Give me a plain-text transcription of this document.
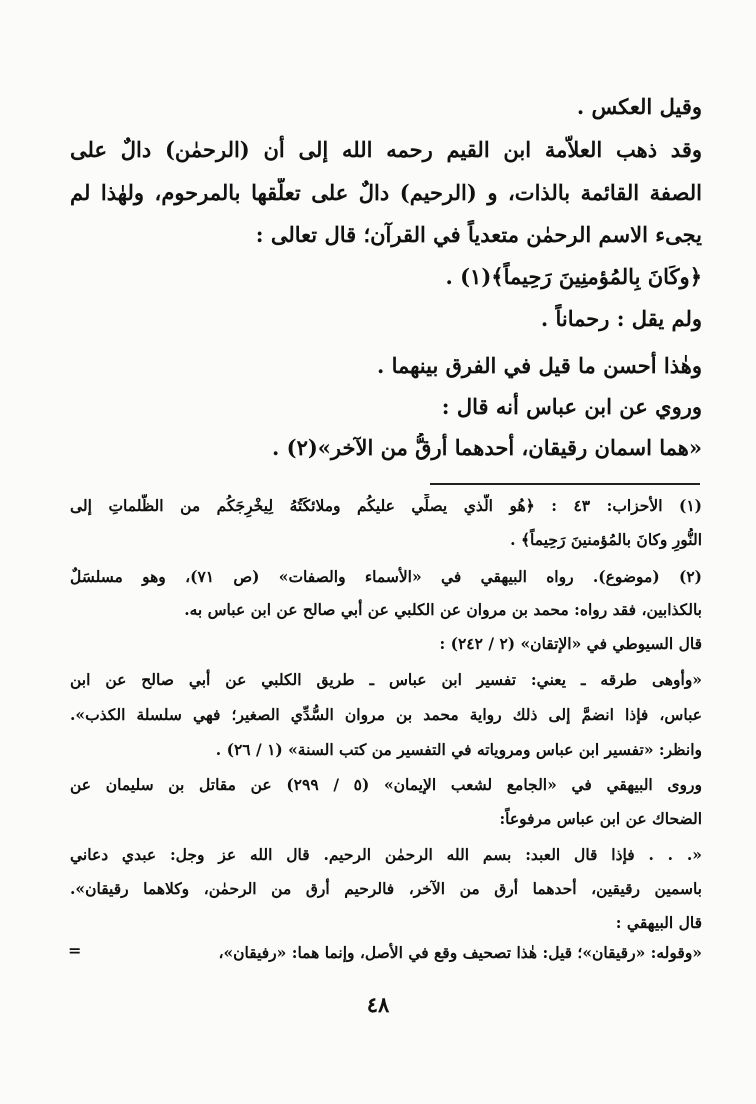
وقيل العكس .
وقد ذهب العلاّمة ابن القيم رحمه الله إلى أن (الرحمٰن) دالٌ على
الصفة القائمة بالذات، و (الرحيم) دالٌ على تعلّقها بالمرحوم، ولهٰذا لم
يجىء الاسم الرحمٰن متعدياً في القرآن؛ قال تعالى :
﴿وكَانَ بِالمُؤمنِينَ رَحِيماً﴾(١) .
ولم يقل : رحماناً .
وهٰذا أحسن ما قيل في الفرق بينهما .
وروي عن ابن عباس أنه قال :
«هما اسمان رقيقان، أحدهما أرقُّ من الآخر»(٢) .
(١) الأحزاب: ٤٣ : ﴿هُو الَّذي يصلِّي عليكُم وملائكَتُهُ لِيخْرِجَكُم من الظُّلماتِ إلى
النُّورِ وكانَ بالمُؤمنينَ رَحِيماً﴾ .
(٢) (موضوع). رواه البيهقي في «الأسماء والصفات» (ص ٧١)، وهو مسلسَلٌ
بالكذابين، فقد رواه: محمد بن مروان عن الكلبي عن أبي صالح عن ابن عباس به.
قال السيوطي في «الإتقان» (٢ / ٢٤٢) :
«وأوهى طرقه ـ يعني: تفسير ابن عباس ـ طريق الكلبي عن أبي صالح عن ابن
عباس، فإذا انضمَّ إلى ذلك رواية محمد بن مروان السُّدِّي الصغير؛ فهي سلسلة الكذب».
وانظر: «تفسير ابن عباس ومروياته في التفسير من كتب السنة» (١ / ٢٦) .
وروى البيهقي في «الجامع لشعب الإيمان» (٥ / ٢٩٩) عن مقاتل بن سليمان عن
الضحاك عن ابن عباس مرفوعاً:
«. . . فإذا قال العبد: بسم الله الرحمٰن الرحيم. قال الله عز وجل: عبدي دعاني
باسمين رقيقين، أحدهما أرق من الآخر، فالرحيم أرق من الرحمٰن، وكلاهما رقيقان».
قال البيهقي :
«وقوله: «رقيقان»؛ قيل: هٰذا تصحيف وقع في الأصل، وإنما هما: «رفيقان»،
=
٤٨
